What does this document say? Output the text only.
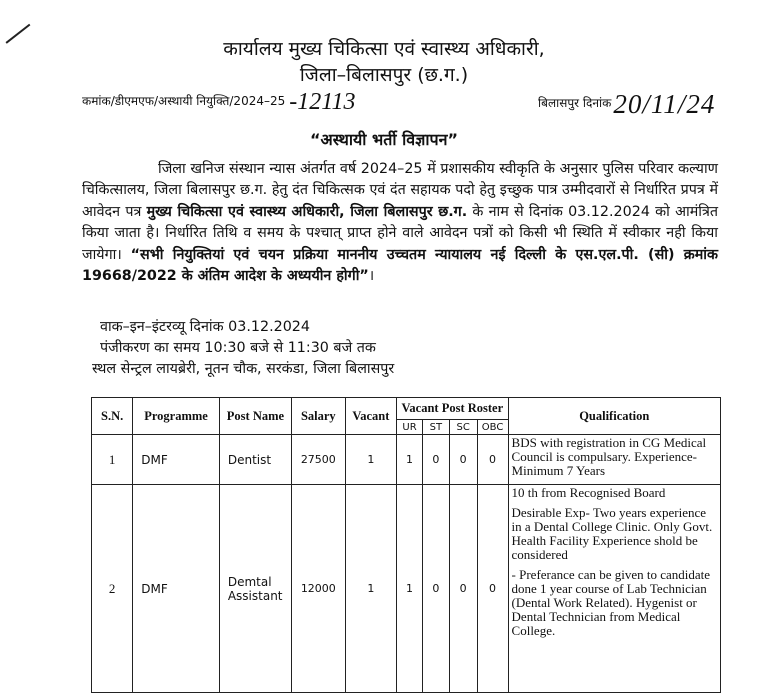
कार्यालय मुख्य चिकित्सा एवं स्वास्थ्य अधिकारी,
जिला–बिलासपुर (छ.ग.)
कमांक/डीएमएफ/अस्थायी नियुक्ति/2024–25 -12113	बिलासपुर दिनांक20/11/24
“अस्थायी भर्ती विज्ञापन”

जिला खनिज संस्थान न्यास अंतर्गत वर्ष 2024–25 में प्रशासकीय स्वीकृति के अनुसार पुलिस परिवार कल्याण चिकित्सालय, जिला बिलासपुर छ.ग. हेतु दंत चिकित्सक एवं दंत सहायक पदो हेतु इच्छुक पात्र उम्मीदवारों से निर्धारित प्रपत्र में आवेदन पत्र मुख्य चिकित्सा एवं स्वास्थ्य अधिकारी, जिला बिलासपुर छ.ग. के नाम से दिनांक 03.12.2024 को आमंत्रित किया जाता है। निर्धारित तिथि व समय के पश्चात् प्राप्त होने वाले आवेदन पत्रों को किसी भी स्थिति में स्वीकार नही किया जायेगा। “सभी नियुक्तियां एवं चयन प्रक्रिया माननीय उच्चतम न्यायालय नई दिल्ली के एस.एल.पी. (सी) क्रमांक 19668/2022 के अंतिम आदेश के अध्ययीन होगी”।

वाक–इन–इंटरव्यू दिनांक 03.12.2024
पंजीकरण का समय 10:30 बजे से 11:30 बजे तक
स्थल सेन्ट्रल लायब्रेरी, नूतन चौक, सरकंडा, जिला बिलासपुर
S.N.	Programme	Post Name	Salary	Vacant	Vacant Post Roster				Qualification
					UR	ST	SC	OBC	
1	DMF	Dentist	27500	1	1	0	0	0	BDS with registration in CG Medical Council is compulsary. Experience- Minimum 7 Years
2	DMF	Demtal Assistant	12000	1	1	0	0	0	10 th from Recognised Board

Desirable Exp- Two years experience in a Dental College Clinic. Only Govt. Health Facility Experience shold be considered

- Preferance can be given to candidate done 1 year course of Lab Technician (Dental Work Related). Hygenist or Dental Technician from Medical College.
